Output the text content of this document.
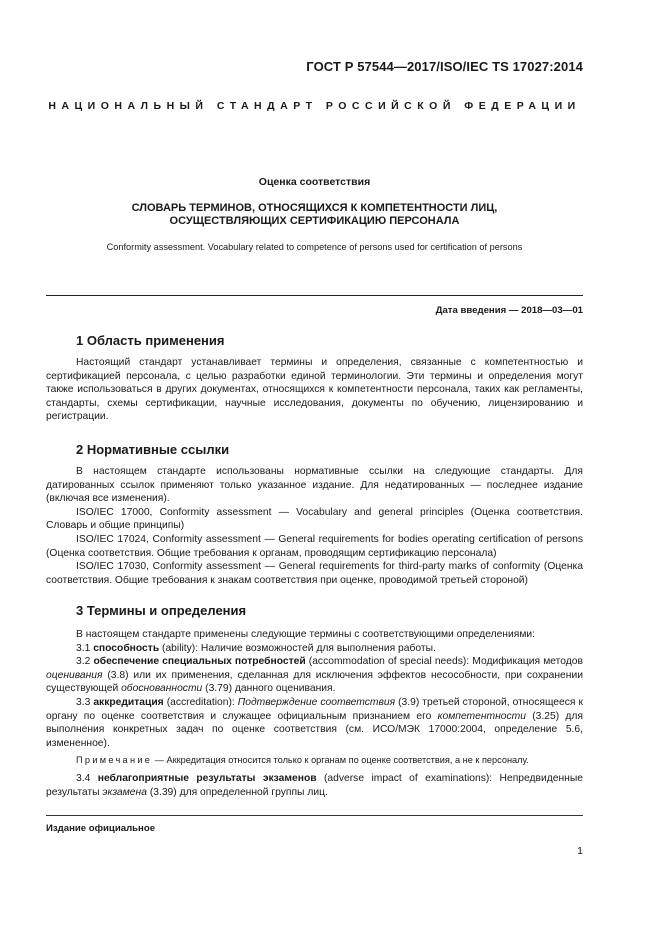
ГОСТ Р 57544—2017/ISO/IEC TS 17027:2014
НАЦИОНАЛЬНЫЙ СТАНДАРТ РОССИЙСКОЙ ФЕДЕРАЦИИ
Оценка соответствия
СЛОВАРЬ ТЕРМИНОВ, ОТНОСЯЩИХСЯ К КОМПЕТЕНТНОСТИ ЛИЦ,
ОСУЩЕСТВЛЯЮЩИХ СЕРТИФИКАЦИЮ ПЕРСОНАЛА
Conformity assessment. Vocabulary related to competence of persons used for certification of persons
Дата введения — 2018—03—01
1 Область применения
Настоящий стандарт устанавливает термины и определения, связанные с компетентностью и сертификацией персонала, с целью разработки единой терминологии. Эти термины и определения могут также использоваться в других документах, относящихся к компетентности персонала, таких как регламенты, стандарты, схемы сертификации, научные исследования, документы по обучению, лицензированию и регистрации.
2 Нормативные ссылки
В настоящем стандарте использованы нормативные ссылки на следующие стандарты. Для датированных ссылок применяют только указанное издание. Для недатированных — последнее издание (включая все изменения).
ISO/IEC 17000, Conformity assessment — Vocabulary and general principles (Оценка соответствия. Словарь и общие принципы)
ISO/IEC 17024, Conformity assessment — General requirements for bodies operating certification of persons (Оценка соответствия. Общие требования к органам, проводящим сертификацию персонала)
ISO/IEC 17030, Conformity assessment — General requirements for third-party marks of conformity (Оценка соответствия. Общие требования к знакам соответствия при оценке, проводимой третьей стороной)
3 Термины и определения
В настоящем стандарте применены следующие термины с соответствующими определениями:
3.1 способность (ability): Наличие возможностей для выполнения работы.
3.2 обеспечение специальных потребностей (accommodation of special needs): Модификация методов оценивания (3.8) или их применения, сделанная для исключения эффектов несособности, при сохранении существующей обоснованности (3.79) данного оценивания.
3.3 аккредитация (accreditation): Подтверждение соответствия (3.9) третьей стороной, относящееся к органу по оценке соответствия и служащее официальным признанием его компетентности (3.25) для выполнения конкретных задач по оценке соответствия (см. ИСО/МЭК 17000:2004, определение 5.6, измененное).
Примечание — Аккредитация относится только к органам по оценке соответствия, а не к персоналу.
3.4 неблагоприятные результаты экзаменов (adverse impact of examinations): Непредвиденные результаты экзамена (3.39) для определенной группы лиц.
Издание официальное
1
